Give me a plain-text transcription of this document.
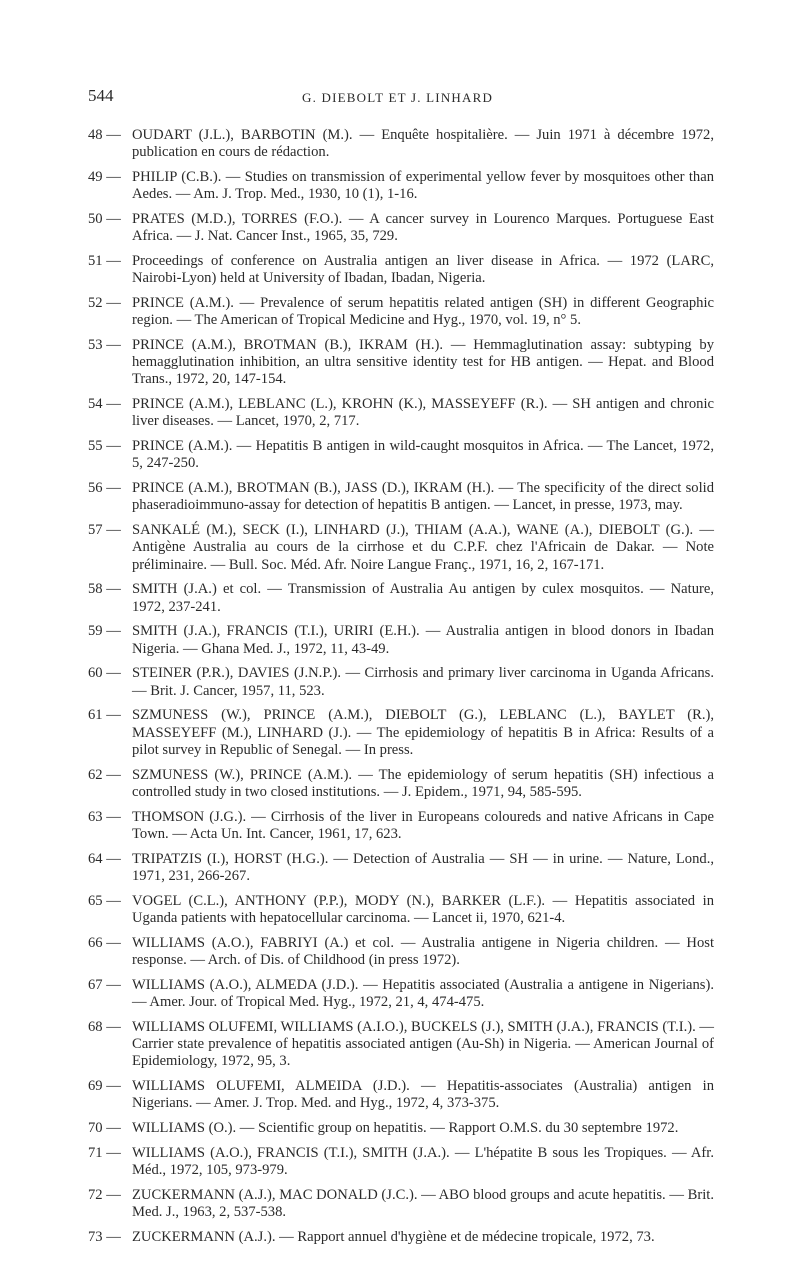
544	G. DIEBOLT ET J. LINHARD
48 — OUDART (J.L.), BARBOTIN (M.). — Enquête hospitalière. — Juin 1971 à décembre 1972, publication en cours de rédaction.
49 — PHILIP (C.B.). — Studies on transmission of experimental yellow fever by mosquitoes other than Aedes. — Am. J. Trop. Med., 1930, 10 (1), 1-16.
50 — PRATES (M.D.), TORRES (F.O.). — A cancer survey in Lourenco Marques. Portuguese East Africa. — J. Nat. Cancer Inst., 1965, 35, 729.
51 — Proceedings of conference on Australia antigen an liver disease in Africa. — 1972 (LARC, Nairobi-Lyon) held at University of Ibadan, Ibadan, Nigeria.
52 — PRINCE (A.M.). — Prevalence of serum hepatitis related antigen (SH) in different Geographic region. — The American of Tropical Medicine and Hyg., 1970, vol. 19, n° 5.
53 — PRINCE (A.M.), BROTMAN (B.), IKRAM (H.). — Hemmaglutination assay: subtyping by hemagglutination inhibition, an ultra sensitive identity test for HB antigen. — Hepat. and Blood Trans., 1972, 20, 147-154.
54 — PRINCE (A.M.), LEBLANC (L.), KROHN (K.), MASSEYEFF (R.). — SH antigen and chronic liver diseases. — Lancet, 1970, 2, 717.
55 — PRINCE (A.M.). — Hepatitis B antigen in wild-caught mosquitos in Africa. — The Lancet, 1972, 5, 247-250.
56 — PRINCE (A.M.), BROTMAN (B.), JASS (D.), IKRAM (H.). — The specificity of the direct solid phaseradioimmuno-assay for detection of hepatitis B antigen. — Lancet, in presse, 1973, may.
57 — SANKALÉ (M.), SECK (I.), LINHARD (J.), THIAM (A.A.), WANE (A.), DIEBOLT (G.). — Antigène Australia au cours de la cirrhose et du C.P.F. chez l'Africain de Dakar. — Note préliminaire. — Bull. Soc. Méd. Afr. Noire Langue Franç., 1971, 16, 2, 167-171.
58 — SMITH (J.A.) et col. — Transmission of Australia Au antigen by culex mosquitos. — Nature, 1972, 237-241.
59 — SMITH (J.A.), FRANCIS (T.I.), URIRI (E.H.). — Australia antigen in blood donors in Ibadan Nigeria. — Ghana Med. J., 1972, 11, 43-49.
60 — STEINER (P.R.), DAVIES (J.N.P.). — Cirrhosis and primary liver carcinoma in Uganda Africans. — Brit. J. Cancer, 1957, 11, 523.
61 — SZMUNESS (W.), PRINCE (A.M.), DIEBOLT (G.), LEBLANC (L.), BAYLET (R.), MASSEYEFF (M.), LINHARD (J.). — The epidemiology of hepatitis B in Africa: Results of a pilot survey in Republic of Senegal. — In press.
62 — SZMUNESS (W.), PRINCE (A.M.). — The epidemiology of serum hepatitis (SH) infectious a controlled study in two closed institutions. — J. Epidem., 1971, 94, 585-595.
63 — THOMSON (J.G.). — Cirrhosis of the liver in Europeans coloureds and native Africans in Cape Town. — Acta Un. Int. Cancer, 1961, 17, 623.
64 — TRIPATZIS (I.), HORST (H.G.). — Detection of Australia — SH — in urine. — Nature, Lond., 1971, 231, 266-267.
65 — VOGEL (C.L.), ANTHONY (P.P.), MODY (N.), BARKER (L.F.). — Hepatitis associated in Uganda patients with hepatocellular carcinoma. — Lancet ii, 1970, 621-4.
66 — WILLIAMS (A.O.), FABRIYI (A.) et col. — Australia antigene in Nigeria children. — Host response. — Arch. of Dis. of Childhood (in press 1972).
67 — WILLIAMS (A.O.), ALMEDA (J.D.). — Hepatitis associated (Australia a antigene in Nigerians). — Amer. Jour. of Tropical Med. Hyg., 1972, 21, 4, 474-475.
68 — WILLIAMS OLUFEMI, WILLIAMS (A.I.O.), BUCKELS (J.), SMITH (J.A.), FRANCIS (T.I.). — Carrier state prevalence of hepatitis associated antigen (Au-Sh) in Nigeria. — American Journal of Epidemiology, 1972, 95, 3.
69 — WILLIAMS OLUFEMI, ALMEIDA (J.D.). — Hepatitis-associates (Australia) antigen in Nigerians. — Amer. J. Trop. Med. and Hyg., 1972, 4, 373-375.
70 — WILLIAMS (O.). — Scientific group on hepatitis. — Rapport O.M.S. du 30 septembre 1972.
71 — WILLIAMS (A.O.), FRANCIS (T.I.), SMITH (J.A.). — L'hépatite B sous les Tropiques. — Afr. Méd., 1972, 105, 973-979.
72 — ZUCKERMANN (A.J.), MAC DONALD (J.C.). — ABO blood groups and acute hepatitis. — Brit. Med. J., 1963, 2, 537-538.
73 — ZUCKERMANN (A.J.). — Rapport annuel d'hygiène et de médecine tropicale, 1972, 73.
